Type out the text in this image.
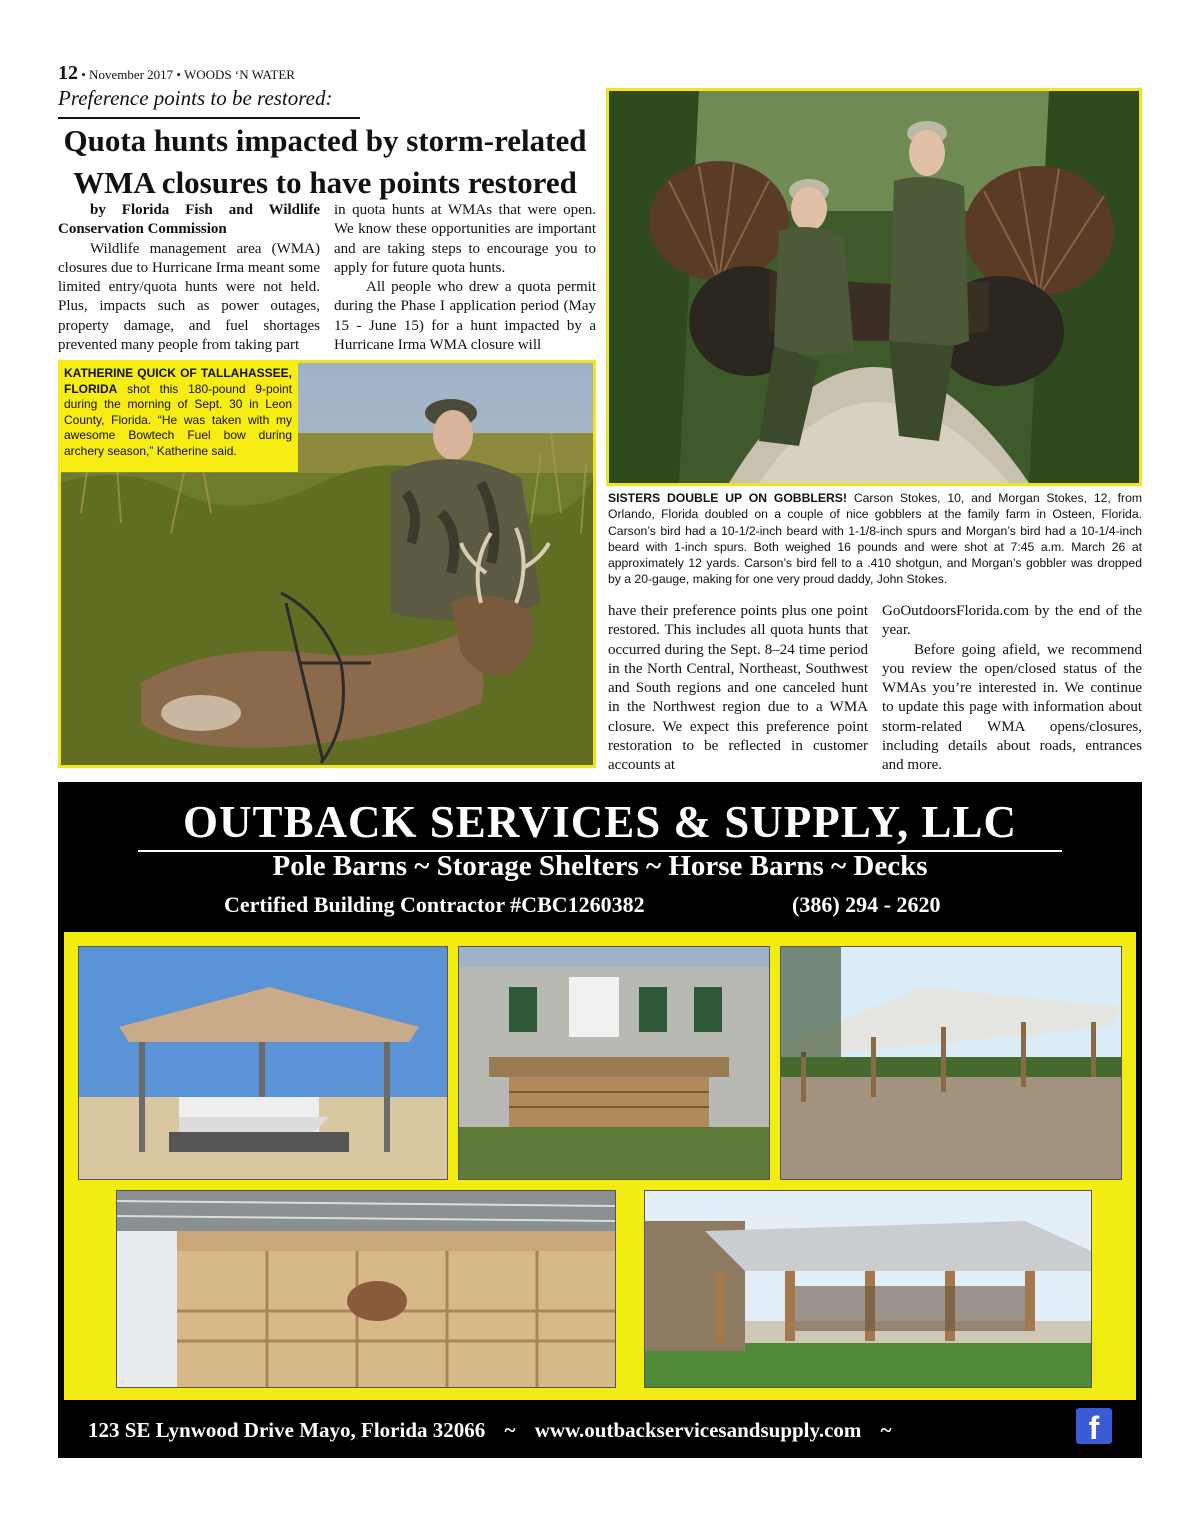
12 • November 2017 • WOODS ‘N WATER
Preference points to be restored:
Quota hunts impacted by storm-related
WMA closures to have points restored

by Florida Fish and Wildlife Conservation Commission

Wildlife management area (WMA) closures due to Hurricane Irma meant some limited entry/quota hunts were not held. Plus, impacts such as power outages, property damage, and fuel shortages prevented many people from taking part

in quota hunts at WMAs that were open. We know these opportunities are important and are taking steps to encourage you to apply for future quota hunts.

All people who drew a quota permit during the Phase I application period (May 15 - June 15) for a hunt impacted by a Hurricane Irma WMA closure will

have their preference points plus one point restored. This includes all quota hunts that occurred during the Sept. 8–24 time period in the North Central, Northeast, Southwest and South regions and one canceled hunt in the Northwest region due to a WMA closure. We expect this preference point restoration to be reflected in customer accounts at

GoOutdoorsFlorida.com by the end of the year.

Before going afield, we recommend you review the open/closed status of the WMAs you’re interested in. We continue to update this page with information about storm-related WMA opens/closures, including details about roads, entrances and more.

KATHERINE QUICK OF TALLAHASSEE, FLORIDA shot this 180-pound 9-point during the morning of Sept. 30 in Leon County, Florida. “He was taken with my awesome Bowtech Fuel bow during archery season,” Katherine said.
SISTERS DOUBLE UP ON GOBBLERS! Carson Stokes, 10, and Morgan Stokes, 12, from Orlando, Florida doubled on a couple of nice gobblers at the family farm in Osteen, Florida. Carson’s bird had a 10-1/2-inch beard with 1-1/8-inch spurs and Morgan’s bird had a 10-1/4-inch beard with 1-inch spurs. Both weighed 16 pounds and were shot at 7:45 a.m. March 26 at approximately 12 yards. Carson’s bird fell to a .410 shotgun, and Morgan’s gobbler was dropped by a 20-gauge, making for one very proud daddy, John Stokes.
OUTBACK SERVICES & SUPPLY, LLC
Pole Barns ~ Storage Shelters ~ Horse Barns ~ Decks
Certified Building Contractor #CBC1260382	(386) 294 - 2620
123 SE Lynwood Drive Mayo, Florida 32066 ~ www.outbackservicesandsupply.com ~	f
